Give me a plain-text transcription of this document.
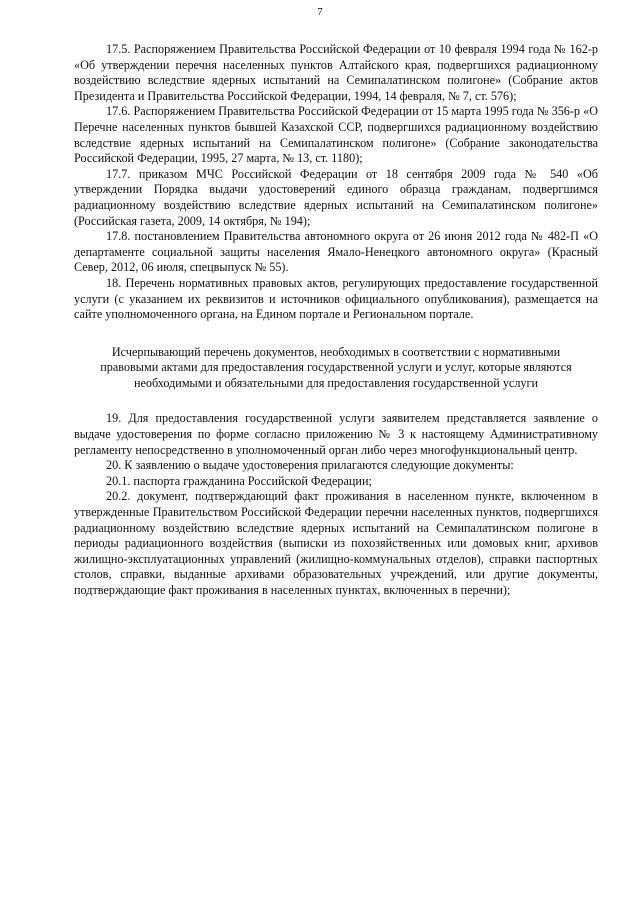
7

17.5. Распоряжением Правительства Российской Федерации от 10 февраля 1994 года № 162-р «Об утверждении перечня населенных пунктов Алтайского края, подвергшихся радиационному воздействию вследствие ядерных испытаний на Семипалатинском полигоне» (Собрание актов Президента и Правительства Российской Федерации, 1994, 14 февраля, № 7, ст. 576);

17.6. Распоряжением Правительства Российской Федерации от 15 марта 1995 года № 356-р «О Перечне населенных пунктов бывшей Казахской ССР, подвергшихся радиационному воздействию вследствие ядерных испытаний на Семипалатинском полигоне» (Собрание законодательства Российской Федерации, 1995, 27 марта, № 13, ст. 1180);

17.7. приказом МЧС Российской Федерации от 18 сентября 2009 года № 540 «Об утверждении Порядка выдачи удостоверений единого образца гражданам, подвергшимся радиационному воздействию вследствие ядерных испытаний на Семипалатинском полигоне» (Российская газета, 2009, 14 октября, № 194);

17.8. постановлением Правительства автономного округа от 26 июня 2012 года № 482-П «О департаменте социальной защиты населения Ямало-Ненецкого автономного округа» (Красный Север, 2012, 06 июля, спецвыпуск № 55).

18. Перечень нормативных правовых актов, регулирующих предоставление государственной услуги (с указанием их реквизитов и источников официального опубликования), размещается на сайте уполномоченного органа, на Едином портале и Региональном портале.

Исчерпывающий перечень документов, необходимых в соответствии с нормативными правовыми актами для предоставления государственной услуги и услуг, которые являются необходимыми и обязательными для предоставления государственной услуги

19. Для предоставления государственной услуги заявителем представляется заявление о выдаче удостоверения по форме согласно приложению № 3 к настоящему Административному регламенту непосредственно в уполномоченный орган либо через многофункциональный центр.

20. К заявлению о выдаче удостоверения прилагаются следующие документы:

20.1. паспорта гражданина Российской Федерации;

20.2. документ, подтверждающий факт проживания в населенном пункте, включенном в утвержденные Правительством Российской Федерации перечни населенных пунктов, подвергшихся радиационному воздействию вследствие ядерных испытаний на Семипалатинском полигоне в периоды радиационного воздействия (выписки из похозяйственных или домовых книг, архивов жилищно-эксплуатационных управлений (жилищно-коммунальных отделов), справки паспортных столов, справки, выданные архивами образовательных учреждений, или другие документы, подтверждающие факт проживания в населенных пунктах, включенных в перечни);
